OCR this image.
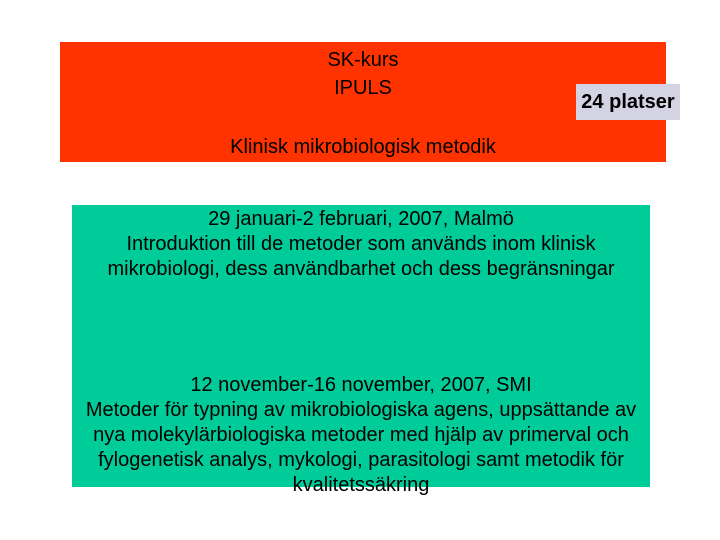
SK-kurs
IPULS
Klinisk mikrobiologisk metodik
24 platser

29 januari-2 februari, 2007, Malmö

Introduktion till de metoder som används inom klinisk mikrobiologi, dess användbarhet och dess begränsningar

12 november-16 november, 2007, SMI

Metoder för typning av mikrobiologiska agens, uppsättande av nya molekylärbiologiska metoder med hjälp av primerval och fylogenetisk analys, mykologi, parasitologi samt metodik för kvalitetssäkring
